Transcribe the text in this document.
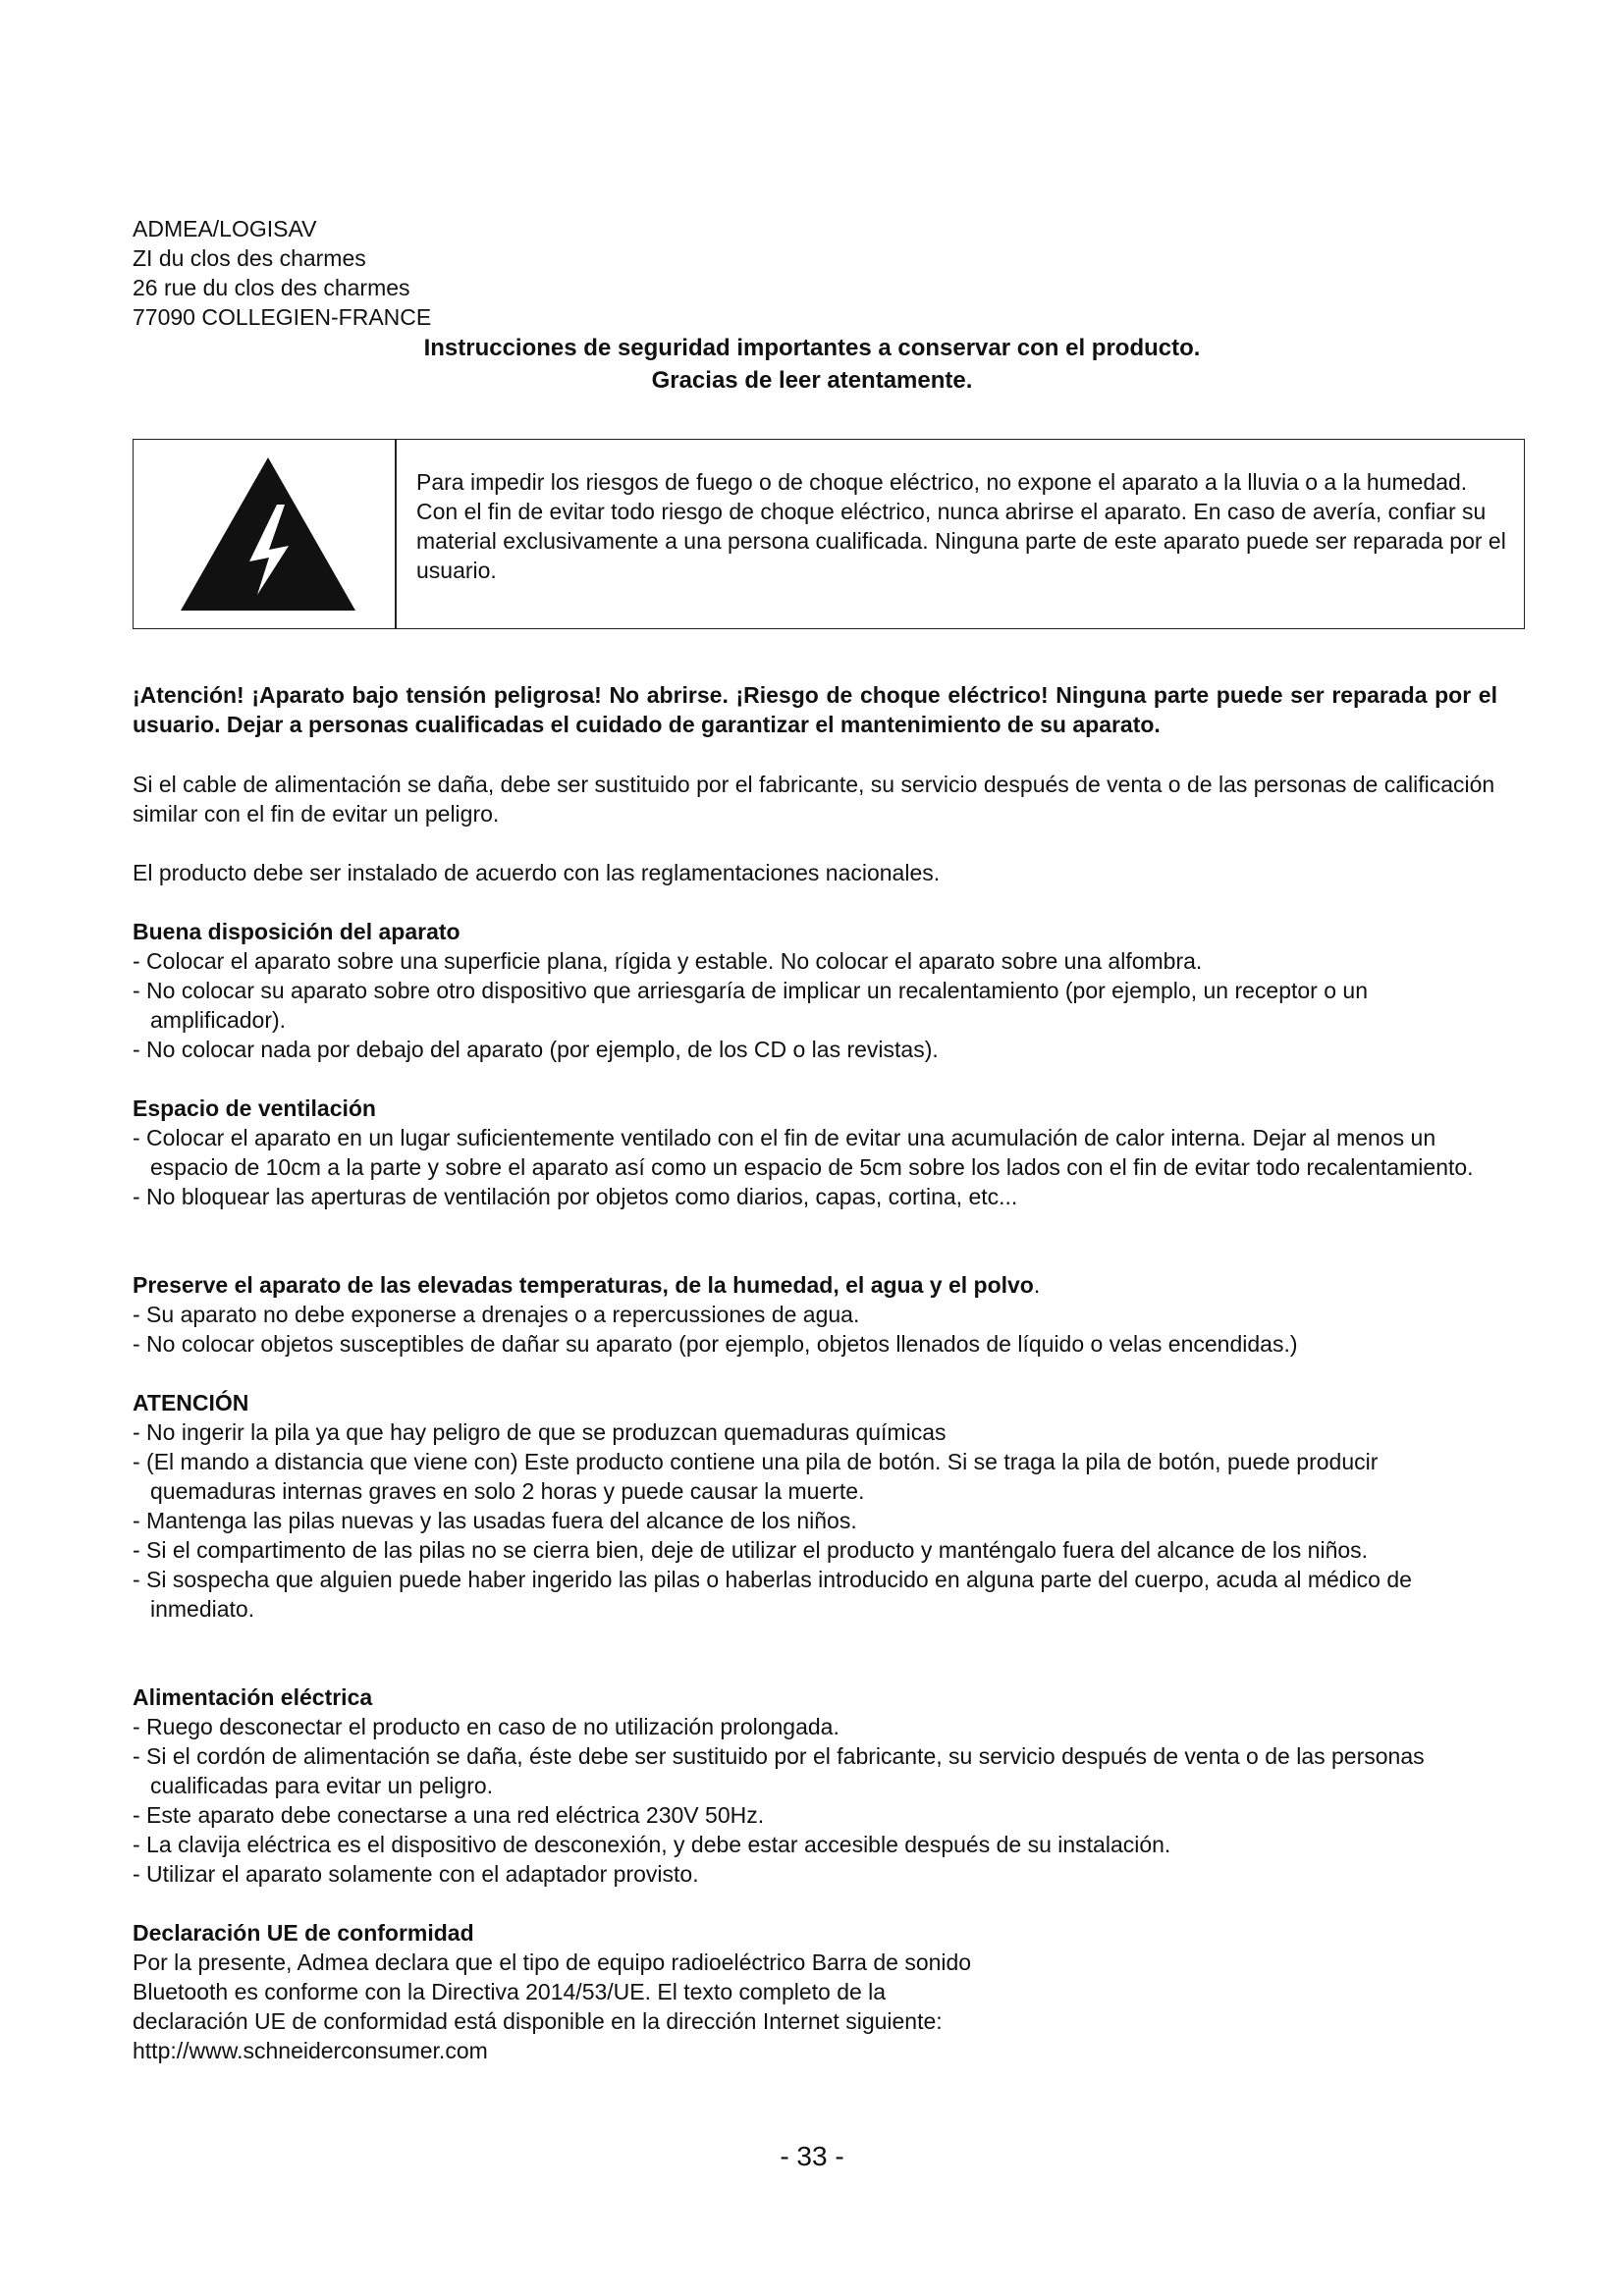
ADMEA/LOGISAV
ZI du clos des charmes
26 rue du clos des charmes
77090 COLLEGIEN-FRANCE
Instrucciones de seguridad importantes a conservar con el producto.
Gracias de leer atentamente.
Para impedir los riesgos de fuego o de choque eléctrico, no expone el aparato a la lluvia o a la humedad. Con el fin de evitar todo riesgo de choque eléctrico, nunca abrirse el aparato. En caso de avería, confiar su material exclusivamente a una persona cualificada. Ninguna parte de este aparato puede ser reparada por el usuario.
¡Atención! ¡Aparato bajo tensión peligrosa! No abrirse. ¡Riesgo de choque eléctrico! Ninguna parte puede ser reparada por el usuario. Dejar a personas cualificadas el cuidado de garantizar el mantenimiento de su aparato.
Si el cable de alimentación se daña, debe ser sustituido por el fabricante, su servicio después de venta o de las personas de calificación similar con el fin de evitar un peligro.
El producto debe ser instalado de acuerdo con las reglamentaciones nacionales.
Buena disposición del aparato
- Colocar el aparato sobre una superficie plana, rígida y estable. No colocar el aparato sobre una alfombra.
- No colocar su aparato sobre otro dispositivo que arriesgaría de implicar un recalentamiento (por ejemplo, un receptor o un amplificador).
- No colocar nada por debajo del aparato (por ejemplo, de los CD o las revistas).
Espacio de ventilación
- Colocar el aparato en un lugar suficientemente ventilado con el fin de evitar una acumulación de calor interna. Dejar al menos un espacio de 10cm a la parte y sobre el aparato así como un espacio de 5cm sobre los lados con el fin de evitar todo recalentamiento.
- No bloquear las aperturas de ventilación por objetos como diarios, capas, cortina, etc...
Preserve el aparato de las elevadas temperaturas, de la humedad, el agua y el polvo.
- Su aparato no debe exponerse a drenajes o a repercussiones de agua.
- No colocar objetos susceptibles de dañar su aparato (por ejemplo, objetos llenados de líquido o velas encendidas.)
ATENCIÓN
- No ingerir la pila ya que hay peligro de que se produzcan quemaduras químicas
- (El mando a distancia que viene con) Este producto contiene una pila de botón. Si se traga la pila de botón, puede producir quemaduras internas graves en solo 2 horas y puede causar la muerte.
- Mantenga las pilas nuevas y las usadas fuera del alcance de los niños.
- Si el compartimento de las pilas no se cierra bien, deje de utilizar el producto y manténgalo fuera del alcance de los niños.
- Si sospecha que alguien puede haber ingerido las pilas o haberlas introducido en alguna parte del cuerpo, acuda al médico de inmediato.
Alimentación eléctrica
- Ruego desconectar el producto en caso de no utilización prolongada.
- Si el cordón de alimentación se daña, éste debe ser sustituido por el fabricante, su servicio después de venta o de las personas cualificadas para evitar un peligro.
- Este aparato debe conectarse a una red eléctrica 230V 50Hz.
- La clavija eléctrica es el dispositivo de desconexión, y debe estar accesible después de su instalación.
- Utilizar el aparato solamente con el adaptador provisto.
Declaración UE de conformidad
Por la presente, Admea declara que el tipo de equipo radioeléctrico Barra de sonido
Bluetooth es conforme con la Directiva 2014/53/UE. El texto completo de la
declaración UE de conformidad está disponible en la dirección Internet siguiente:
http://www.schneiderconsumer.com
- 33 -
